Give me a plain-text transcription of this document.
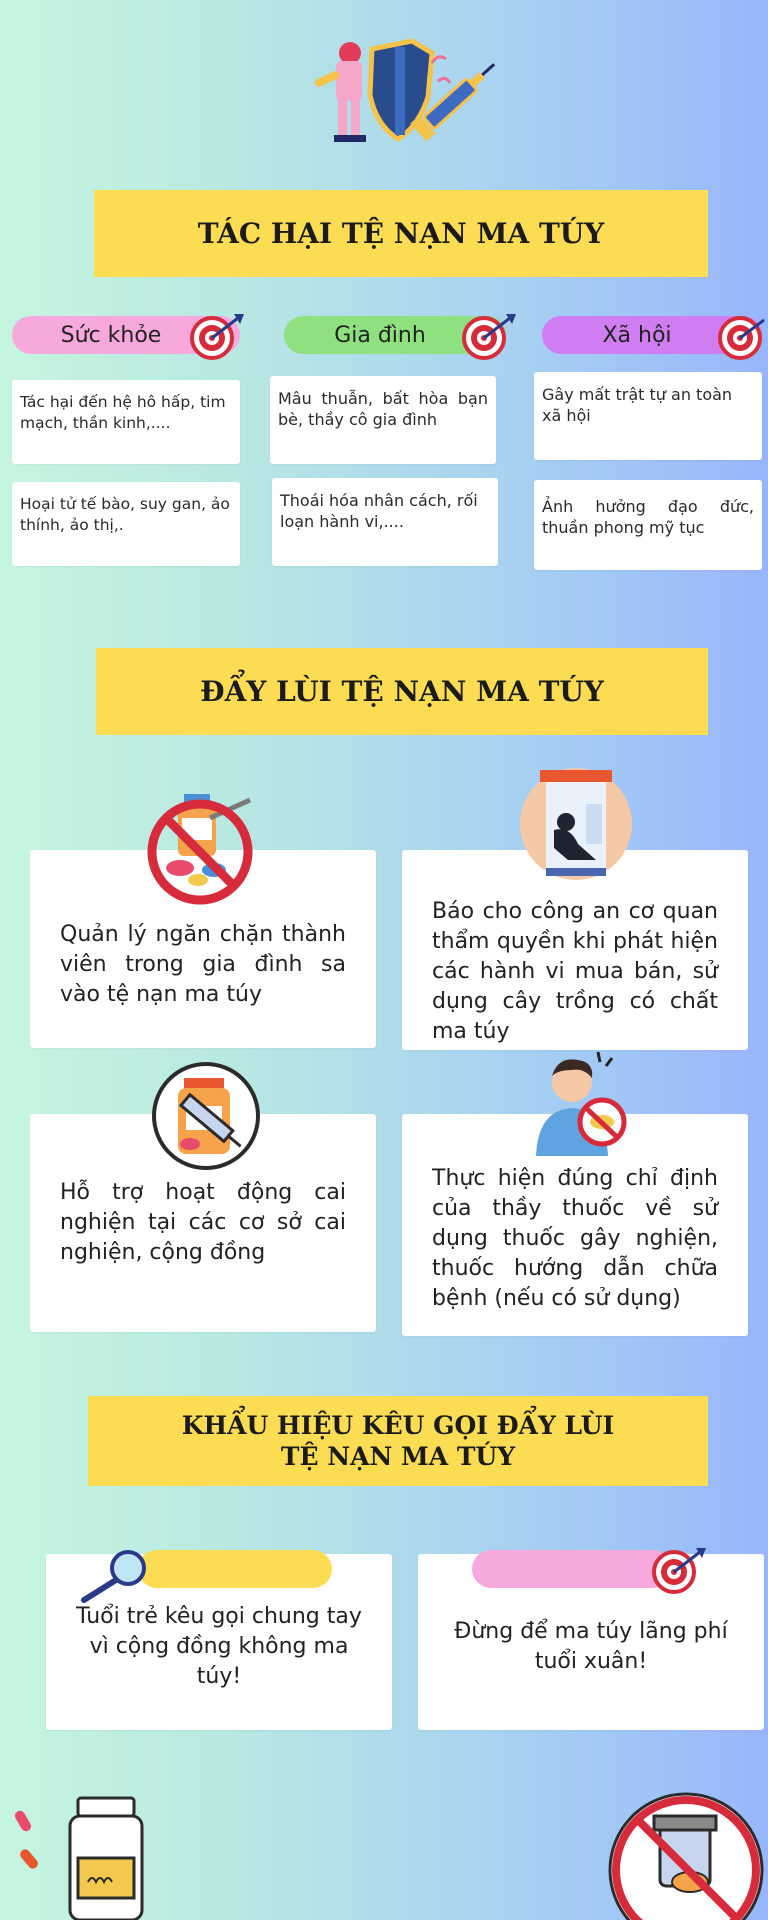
TÁC HẠI TỆ NẠN MA TÚY
Sức khỏe	Gia đình	Xã hội
Tác hại đến hệ hô hấp, tim mạch, thần kinh,....
Hoại tử tế bào, suy gan, ảo thính, ảo thị,.
Mâu thuẫn, bất hòa bạn bè, thầy cô gia đình
Thoái hóa nhân cách, rối loạn hành vi,....
Gây mất trật tự an toàn xã hội
Ảnh hưởng đạo đức, thuần phong mỹ tục
ĐẨY LÙI TỆ NẠN MA TÚY
Quản lý ngăn chặn thành viên trong gia đình sa vào tệ nạn ma túy
Báo cho công an cơ quan thẩm quyền khi phát hiện các hành vi mua bán, sử dụng cây trồng có chất ma túy
Hỗ trợ hoạt động cai nghiện tại các cơ sở cai nghiện, cộng đồng
Thực hiện đúng chỉ định của thầy thuốc về sử dụng thuốc gây nghiện, thuốc hướng dẫn chữa bệnh (nếu có sử dụng)
KHẨU HIỆU KÊU GỌI ĐẨY LÙI
TỆ NẠN MA TÚY
Tuổi trẻ kêu gọi chung tay vì cộng đồng không ma túy!
Đừng để ma túy lãng phí tuổi xuân!
